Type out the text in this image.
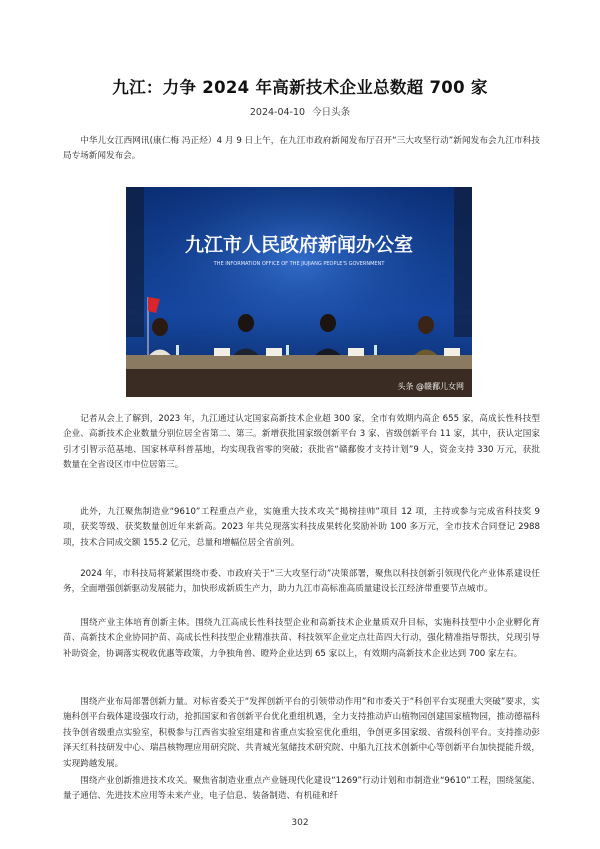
九江：力争 2024 年高新技术企业总数超 700 家
2024-04-10 今日头条

中华儿女江西网讯(康仁梅 冯正烃）4 月 9 日上午，在九江市政府新闻发布厅召开“三大攻坚行动”新闻发布会九江市科技局专场新闻发布会。

九江市人民政府新闻办公室
THE INFORMATION OFFICE OF THE JIUJIANG PEOPLE'S GOVERNMENT
头条 @赣鄱儿女网

记者从会上了解到，2023 年，九江通过认定国家高新技术企业超 300 家，全市有效期内高企 655 家，高成长性科技型企业、高新技术企业数量分别位居全省第二、第三。新增获批国家级创新平台 3 家、省级创新平台 11 家，其中，获认定国家引才引智示范基地、国家林草科普基地，均实现我省零的突破；获批省“赣鄱俊才支持计划”9 人，资金支持 330 万元，获批数量在全省设区市中位居第三。

此外，九江聚焦制造业“9610”工程重点产业，实施重大技术攻关“揭榜挂帅”项目 12 项，主持或参与完成省科技奖 9 项，获奖等级、获奖数量创近年来新高。2023 年共兑现落实科技成果转化奖励补助 100 多万元，全市技术合同登记 2988 项，技术合同成交额 155.2 亿元，总量和增幅位居全省前列。

2024 年，市科技局将紧紧围绕市委、市政府关于“三大攻坚行动”决策部署，聚焦以科技创新引领现代化产业体系建设任务，全面增强创新驱动发展能力，加快形成新质生产力，助力九江市高标准高质量建设长江经济带重要节点城市。

围绕产业主体培育创新主体。围绕九江高成长性科技型企业和高新技术企业量质双升目标，实施科技型中小企业孵化育苗、高新技术企业协同护苗、高成长性科技型企业精准扶苗、科技领军企业定点壮苗四大行动，强化精准指导帮扶，兑现引导补助资金，协调落实税收优惠等政策，力争独角兽、瞪羚企业达到 65 家以上，有效期内高新技术企业达到 700 家左右。

围绕产业布局部署创新力量。对标省委关于“发挥创新平台的引领带动作用”和市委关于“科创平台实现重大突破”要求，实施科创平台载体建设强攻行动，抢抓国家和省创新平台优化重组机遇，全力支持推动庐山植物园创建国家植物园，推动德福科技争创省级重点实验室，积极参与江西省实验室组建和省重点实验室优化重组，争创更多国家级、省级科创平台。支持推动彭泽天红科技研发中心、瑞昌核物理应用研究院、共青城光氢储技术研究院、中船九江技术创新中心等创新平台加快提能升级，实现跨越发展。

围绕产业创新推进技术攻关。聚焦省制造业重点产业链现代化建设“1269”行动计划和市制造业“9610”工程，围绕氢能、量子通信、先进技术应用等未来产业，电子信息、装备制造、有机硅和纤

302
